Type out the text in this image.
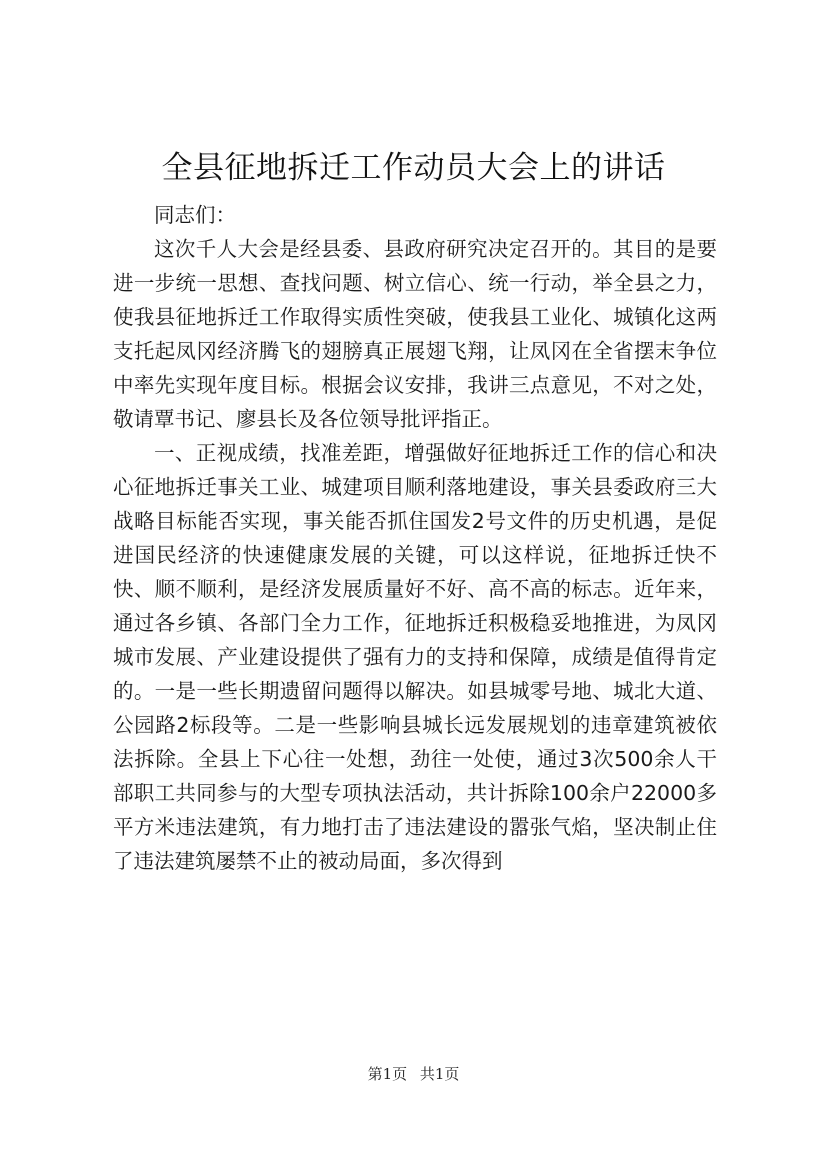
全县征地拆迁工作动员大会上的讲话

同志们：

这次千人大会是经县委、县政府研究决定召开的。其目的是要进一步统一思想、查找问题、树立信心、统一行动，举全县之力，使我县征地拆迁工作取得实质性突破，使我县工业化、城镇化这两支托起凤冈经济腾飞的翅膀真正展翅飞翔，让凤冈在全省摆末争位中率先实现年度目标。根据会议安排，我讲三点意见，不对之处，敬请覃书记、廖县长及各位领导批评指正。

一、正视成绩，找准差距，增强做好征地拆迁工作的信心和决心征地拆迁事关工业、城建项目顺利落地建设，事关县委政府三大战略目标能否实现，事关能否抓住国发2号文件的历史机遇，是促进国民经济的快速健康发展的关键，可以这样说，征地拆迁快不快、顺不顺利，是经济发展质量好不好、高不高的标志。近年来，通过各乡镇、各部门全力工作，征地拆迁积极稳妥地推进，为凤冈城市发展、产业建设提供了强有力的支持和保障，成绩是值得肯定的。一是一些长期遗留问题得以解决。如县城零号地、城北大道、公园路2标段等。二是一些影响县城长远发展规划的违章建筑被依法拆除。全县上下心往一处想，劲往一处使，通过3次500余人干部职工共同参与的大型专项执法活动，共计拆除100余户22000多平方米违法建筑，有力地打击了违法建设的嚣张气焰，坚决制止住了违法建筑屡禁不止的被动局面，多次得到

第1页 共1页
